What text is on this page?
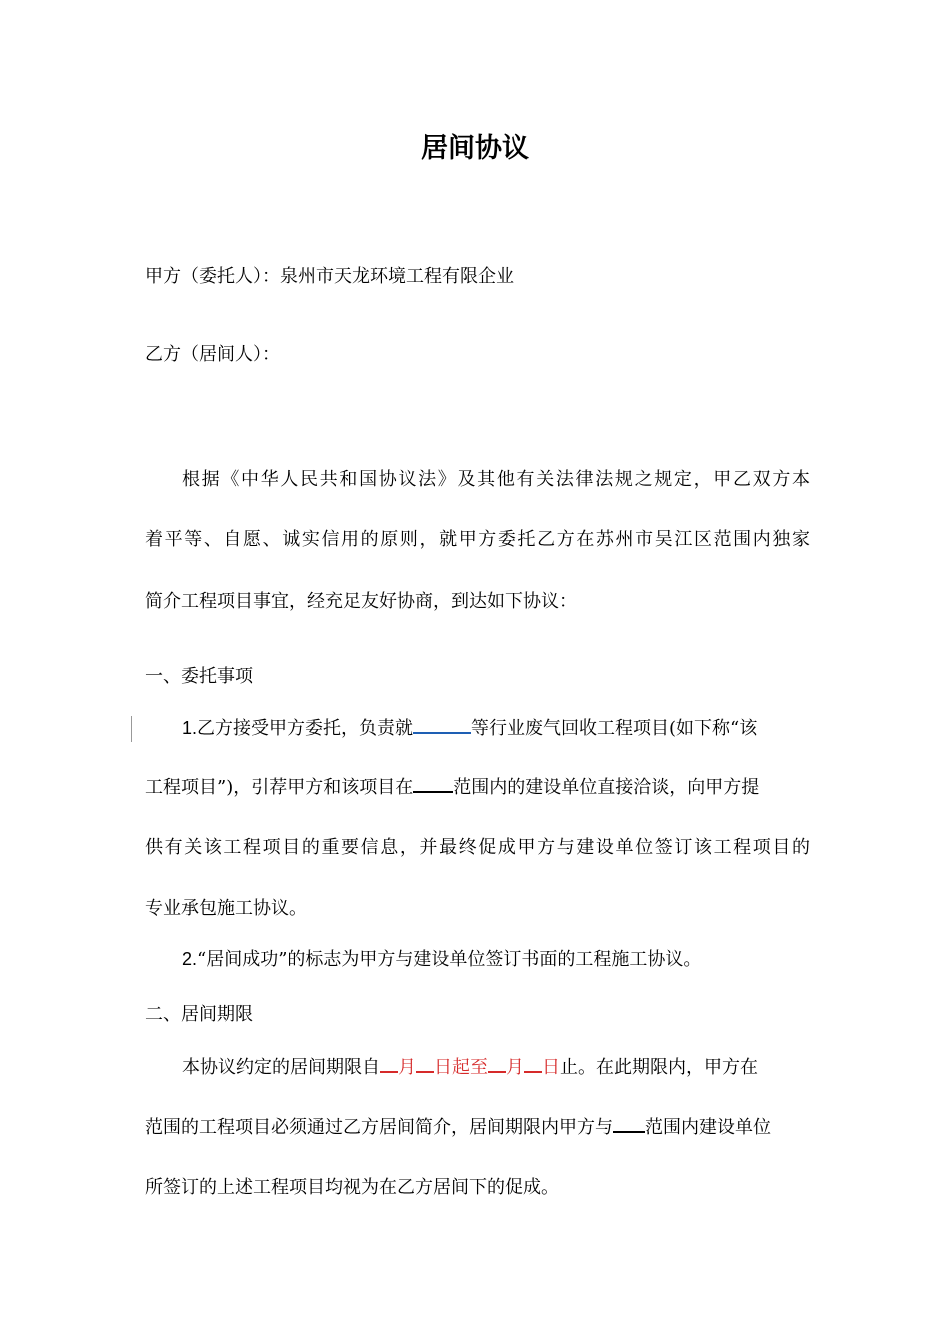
居间协议
甲方（委托人）：泉州市天龙环境工程有限企业
乙方（居间人）：
根据《中华人民共和国协议法》及其他有关法律法规之规定，甲乙双方本
着平等、自愿、诚实信用的原则，就甲方委托乙方在苏州市吴江区范围内独家
简介工程项目事宜，经充足友好协商，到达如下协议：
一、委托事项
1.乙方接受甲方委托，负责就	等行业废气回收工程项目(如下称“该
工程项目”)，引荐甲方和该项目在 范围内的建设单位直接洽谈，向甲方提
供有关该工程项目的重要信息，并最终促成甲方与建设单位签订该工程项目的
专业承包施工协议。
2.“居间成功”的标志为甲方与建设单位签订书面的工程施工协议。
二、居间期限
本协议约定的居间期限自 月 日起至 月 日止。在此期限内，甲方在
范围的工程项目必须通过乙方居间简介，居间期限内甲方与 范围内建设单位
所签订的上述工程项目均视为在乙方居间下的促成。
